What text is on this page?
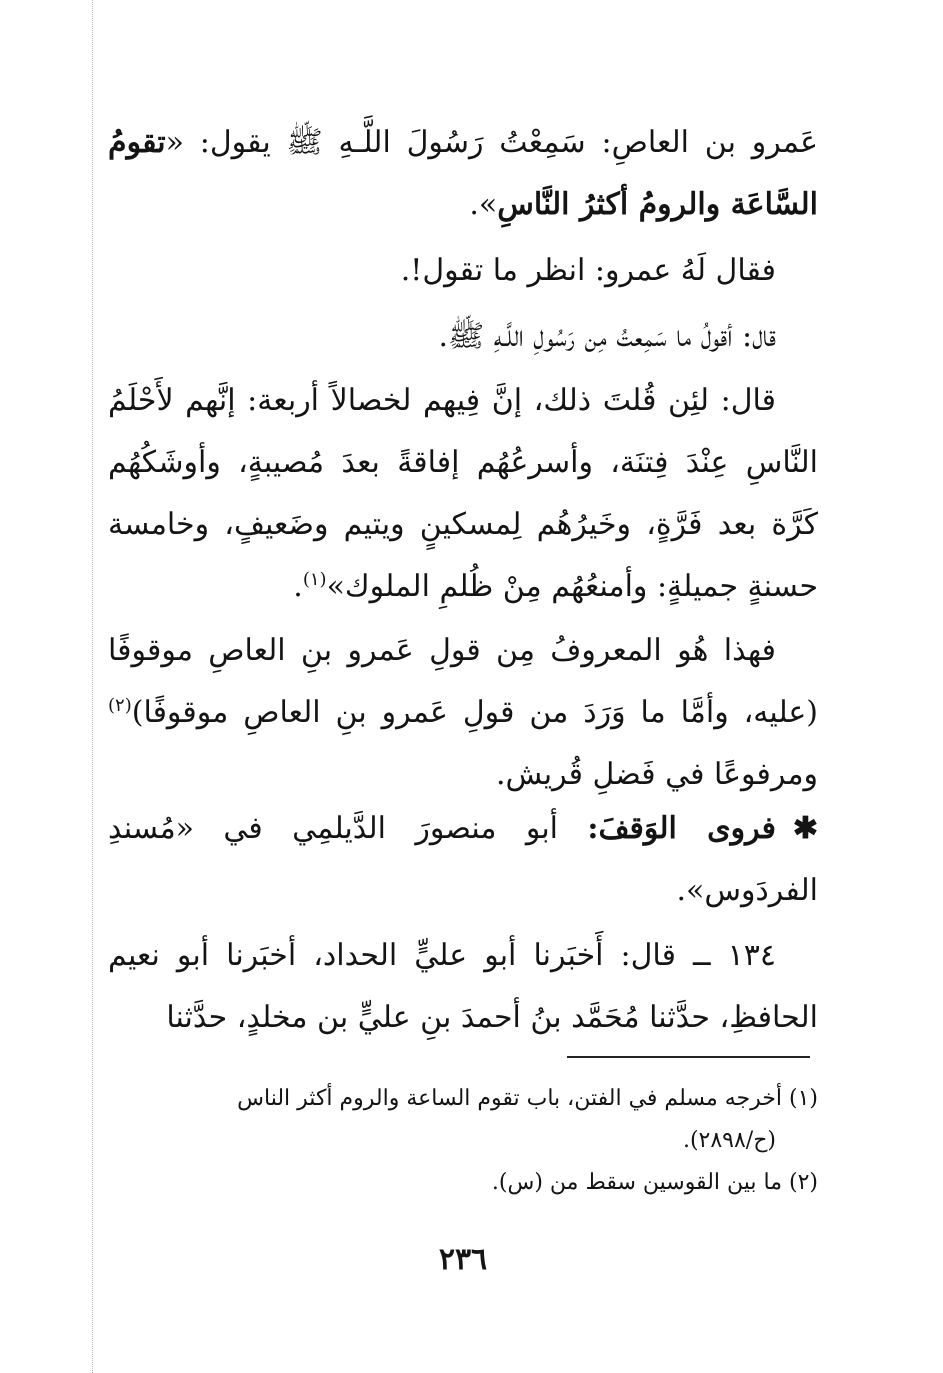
عَمرو بن العاصِ: سَمِعْتُ رَسُولَ اللَّـهِ ﷺ يقول: «تقومُ السَّاعَة والرومُ أكثرُ النَّاسِ».
فقال لَهُ عمرو: انظر ما تقول!.
قال: أقولُ ما سَمِعتُ مِن رَسُولِ اللَّـهِ ﷺ.
قال: لئِن قُلتَ ذلك، إنَّ فِيهم لخصالاً أربعة: إنَّهم لأَحْلَمُ النَّاسِ عِنْدَ فِتنَة، وأسرعُهُم إفاقةً بعدَ مُصيبةٍ، وأوشَكُهُم كَرَّة بعد فَرَّةٍ، وخَيرُهُم لِمسكينٍ ويتيم وضَعيفٍ، وخامسة حسنةٍ جميلةٍ: وأمنعُهُم مِنْ ظُلمِ الملوك»$^{(١)}$.
فهذا هُو المعروفُ مِن قولِ عَمرو بنِ العاصِ موقوفًا (عليه، وأمَّا ما وَرَدَ من قولِ عَمرو بنِ العاصِ موقوفًا)$^{(٢)}$ ومرفوعًا في فَضلِ قُريش.
✱فروى الوَقفَ: أبو منصورَ الدَّيلمِي في «مُسندِ الفردَوس».
١٣٤ ــ قال: أَخبَرنا أبو عليٍّ الحداد، أخبَرنا أبو نعيم الحافظِ، حدَّثنا مُحَمَّد بنُ أحمدَ بنِ عليٍّ بن مخلدٍ، حدَّثنا
(١) أخرجه مسلم في الفتن، باب تقوم الساعة والروم أكثر الناس
(ح/٢٨٩٨).
(٢) ما بين القوسين سقط من (س).
٢٣٦
